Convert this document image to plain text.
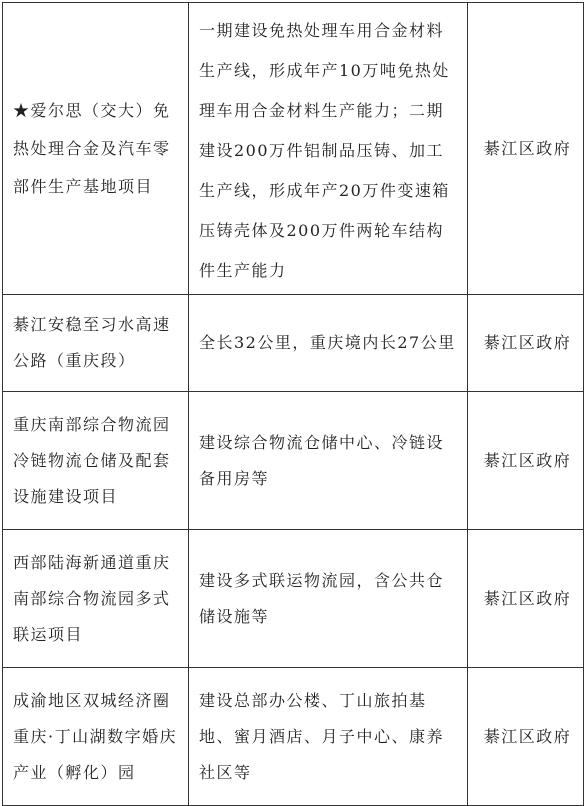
★爱尔思（交大）免热处理合金及汽车零部件生产基地项目	一期建设免热处理车用合金材料生产线，形成年产10万吨免热处理车用合金材料生产能力；二期建设200万件铝制品压铸、加工生产线，形成年产20万件变速箱压铸壳体及200万件两轮车结构件生产能力	綦江区政府
綦江安稳至习水高速公路（重庆段）	全长32公里，重庆境内长27公里	綦江区政府
重庆南部综合物流园冷链物流仓储及配套设施建设项目	建设综合物流仓储中心、冷链设备用房等	綦江区政府
西部陆海新通道重庆南部综合物流园多式联运项目	建设多式联运物流园，含公共仓储设施等	綦江区政府
成渝地区双城经济圈重庆·丁山湖数字婚庆产业（孵化）园	建设总部办公楼、丁山旅拍基地、蜜月酒店、月子中心、康养社区等	綦江区政府
